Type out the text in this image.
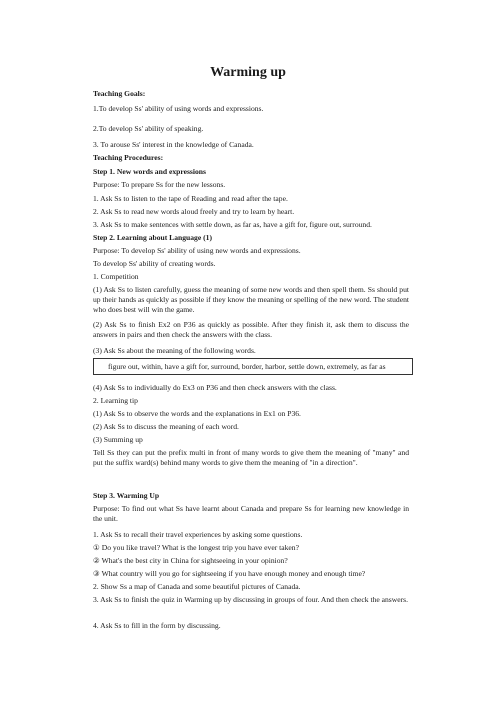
Warming up
Teaching Goals:
1.To develop Ss' ability of using words and expressions.
2.To develop Ss' ability of speaking.
3. To arouse Ss' interest in the knowledge of Canada.
Teaching Procedures:
Step 1. New words and expressions
Purpose: To prepare Ss for the new lessons.
1. Ask Ss to listen to the tape of Reading and read after the tape.
2. Ask Ss to read new words aloud freely and try to learn by heart.
3. Ask Ss to make sentences with settle down, as far as, have a gift for, figure out, surround.
Step 2. Learning about Language (1)
Purpose: To develop Ss' ability of using new words and expressions.
To develop Ss' ability of creating words.
1. Competition
(1) Ask Ss to listen carefully, guess the meaning of some new words and then spell them. Ss should put up their hands as quickly as possible if they know the meaning or spelling of the new word. The student who does best will win the game.
(2) Ask Ss to finish Ex2 on P36 as quickly as possible. After they finish it, ask them to discuss the answers in pairs and then check the answers with the class.
(3) Ask Ss about the meaning of the following words.
figure out, within, have a gift for, surround, border, harbor, settle down, extremely, as far as
(4) Ask Ss to individually do Ex3 on P36 and then check answers with the class.
2. Learning tip
(1) Ask Ss to observe the words and the explanations in Ex1 on P36.
(2) Ask Ss to discuss the meaning of each word.
(3) Summing up
Tell Ss they can put the prefix multi in front of many words to give them the meaning of "many" and put the suffix ward(s) behind many words to give them the meaning of "in a direction".
Step 3. Warming Up
Purpose: To find out what Ss have learnt about Canada and prepare Ss for learning new knowledge in the unit.
1. Ask Ss to recall their travel experiences by asking some questions.
① Do you like travel? What is the longest trip you have ever taken?
② What's the best city in China for sightseeing in your opinion?
③ What country will you go for sightseeing if you have enough money and enough time?
2. Show Ss a map of Canada and some beautiful pictures of Canada.
3. Ask Ss to finish the quiz in Warming up by discussing in groups of four. And then check the answers.
4. Ask Ss to fill in the form by discussing.
